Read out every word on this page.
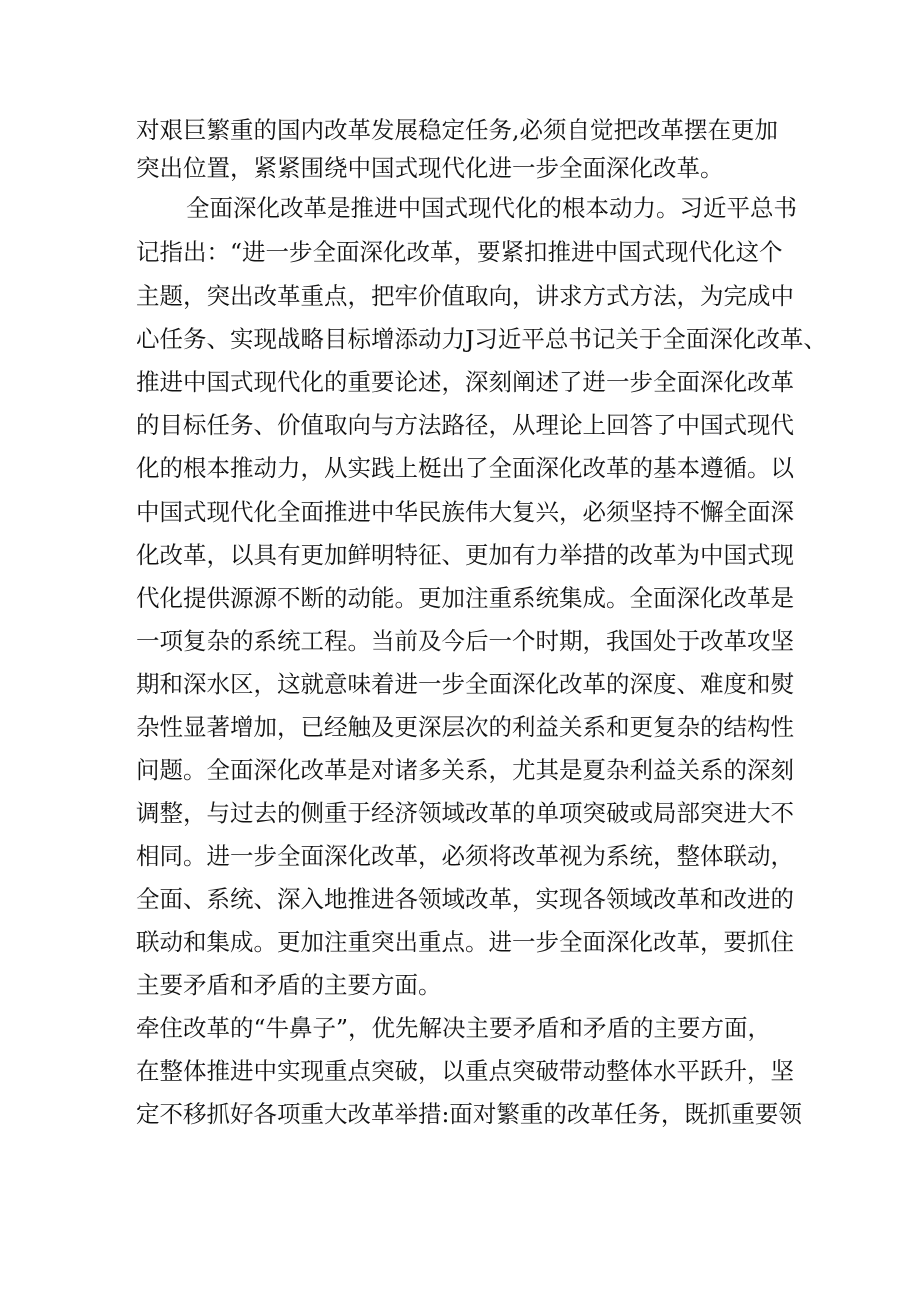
对艰巨繁重的国内改革发展稳定任务,必须自觉把改革摆在更加
突出位置，紧紧围绕中国式现代化进一步全面深化改革。
全面深化改革是推进中国式现代化的根本动力。习近平总书
记指出：“进一步全面深化改革，要紧扣推进中国式现代化这个
主题，突出改革重点，把牢价值取向，讲求方式方法，为完成中
心任务、实现战略目标增添动力J习近平总书记关于全面深化改革、
推进中国式现代化的重要论述，深刻阐述了逬一步全面深化改革
的目标任务、价值取向与方法路径，从理论上回答了中国式现代
化的根本推动力，从实践上梃出了全面深化改革的基本遵循。以
中国式现代化全面推进中华民族伟大复兴，必须坚持不懈全面深
化改革，以具有更加鲜明特征、更加有力举措的改革为中国式现
代化提供源源不断的动能。更加注重系统集成。全面深化改革是
一项复杂的系统工程。当前及今后一个时期，我国处于改革攻坚
期和深水区，这就意味着进一步全面深化改革的深度、难度和熨
杂性显著增加，已经触及更深层次的利益关系和更复杂的结构性
问题。全面深化改革是对诸多关系，尤其是夏杂利益关系的深刻
调整，与过去的侧重于经济领域改革的单项突破或局部突进大不
相同。进一步全面深化改革，必须将改革视为系统，整体联动，
全面、系统、深入地推进各领域改革，实现各领域改革和改进的
联动和集成。更加注重突出重点。进一步全面深化改革，要抓住
主要矛盾和矛盾的主要方面。
牵住改革的“牛鼻子”，优先解决主要矛盾和矛盾的主要方面，
在整体推进中实现重点突破，以重点突破带动整体水平跃升，坚
定不移抓好各项重大改革举措:面对繁重的改革任务，既抓重要领
